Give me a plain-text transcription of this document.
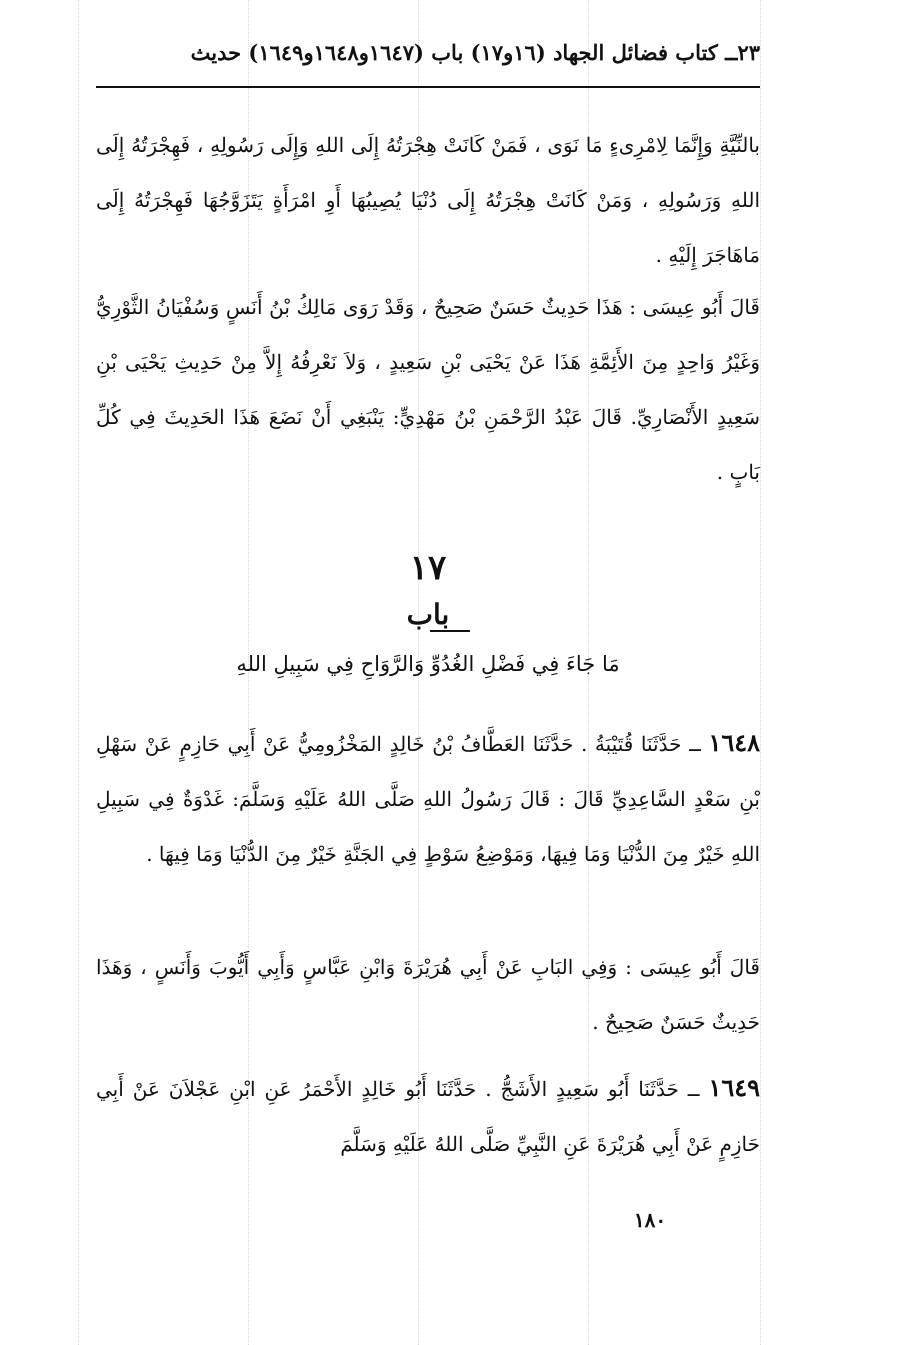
٢٣ــ كتاب فضائل الجهاد (١٦و١٧) باب (١٦٤٧و١٦٤٨و١٦٤٩) حديث
بالنِّيَّةِ وَإِنَّمَا لِامْرِىءٍ مَا نَوَى ، فَمَنْ كَانَتْ هِجْرَتُهُ إِلَى اللهِ وَإِلَى رَسُولِهِ ، فَهِجْرَتُهُ إِلَى اللهِ وَرَسُولِهِ ، وَمَنْ كَانَتْ هِجْرَتُهُ إِلَى دُنْيَا يُصِيبُهَا أَوِ امْرَأَةٍ يَتَزَوَّجُهَا فَهِجْرَتُهُ إِلَى مَاهَاجَرَ إِلَيْهِ .
قَالَ أَبُو عِيسَى : هَذَا حَدِيثٌ حَسَنٌ صَحِيحٌ ، وَقَدْ رَوَى مَالِكُ بْنُ أَنَسٍ وَسُفْيَانُ الثَّوْرِيُّ وَغَيْرُ وَاحِدٍ مِنَ الأَئِمَّةِ هَذَا عَنْ يَحْيَى بْنِ سَعِيدٍ ، وَلاَ نَعْرِفُهُ إِلاَّ مِنْ حَدِيثِ يَحْيَى بْنِ سَعِيدٍ الأَنْصَارِيِّ. قَالَ عَبْدُ الرَّحْمَنِ بْنُ مَهْدِيٍّ: يَنْبَغِي أَنْ نَضَعَ هَذَا الحَدِيثَ فِي كُلِّ بَابٍ .
١٧
باب
مَا جَاءَ فِي فَضْلِ الغُدُوِّ وَالرَّوَاحِ فِي سَبِيلِ اللهِ
١٦٤٨ ــ حَدَّثَنَا قُتَيْبَةُ . حَدَّثَنَا العَطَّافُ بْنُ خَالِدٍ المَخْزُومِيُّ عَنْ أَبِي حَازِمٍ عَنْ سَهْلِ بْنِ سَعْدٍ السَّاعِدِيِّ قَالَ : قَالَ رَسُولُ اللهِ صَلَّى اللهُ عَلَيْهِ وَسَلَّمَ: غَدْوَةٌ فِي سَبِيلِ اللهِ خَيْرٌ مِنَ الدُّنْيَا وَمَا فِيهَا، وَمَوْضِعُ سَوْطٍ فِي الجَنَّةِ خَيْرٌ مِنَ الدُّنْيَا وَمَا فِيهَا .
قَالَ أَبُو عِيسَى : وَفِي البَابِ عَنْ أَبِي هُرَيْرَةَ وَابْنِ عَبَّاسٍ وَأَبِي أَيُّوبَ وَأَنَسٍ ، وَهَذَا حَدِيثٌ حَسَنٌ صَحِيحٌ .
١٦٤٩ ــ حَدَّثَنَا أَبُو سَعِيدٍ الأَشَجُّ . حَدَّثَنَا أَبُو خَالِدٍ الأَحْمَرُ عَنِ ابْنِ عَجْلاَنَ عَنْ أَبِي حَازِمٍ عَنْ أَبِي هُرَيْرَةَ عَنِ النَّبِيِّ صَلَّى اللهُ عَلَيْهِ وَسَلَّمَ
١٨٠
